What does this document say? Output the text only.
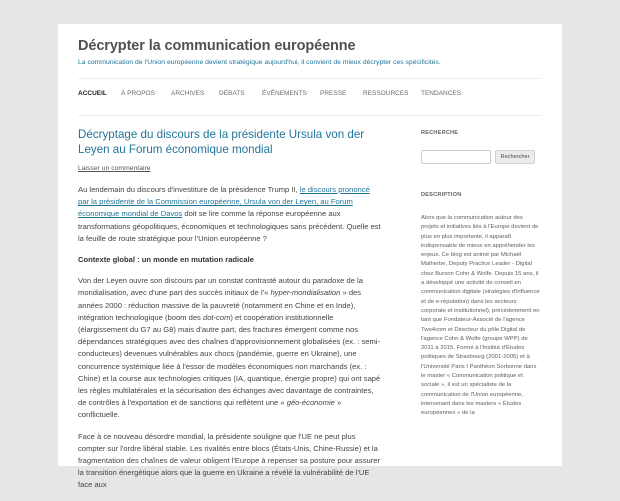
Décrypter la communication européenne
La communication de l'Union européenne devient stratégique aujourd'hui, il convient de mieux décrypter ces spécificités.
ACCUEIL À PROPOS ARCHIVES DÉBATS	ÉVÈNEMENTS PRESSE	RESSOURCES TENDANCES
Décryptage du discours de la présidente Ursula von der Leyen au Forum économique mondial
Laisser un commentaire

Au lendemain du discours d'investiture de la présidence Trump II, le discours prononcé par la présidente de la Commission européenne, Ursula von der Leyen, au Forum économique mondial de Davos doit se lire comme la réponse européenne aux transformations géopolitiques, économiques et technologiques sans précédent. Quelle est la feuille de route stratégique pour l'Union européenne ?

Contexte global : un monde en mutation radicale

Von der Leyen ouvre son discours par un constat contrasté autour du paradoxe de la mondialisation, avec d'une part des succès initiaux de l'« hyper-mondialisation » des années 2000 : réduction massive de la pauvreté (notamment en Chine et en Inde), intégration technologique (boom des dot-com) et coopération institutionnelle (élargissement du G7 au G8) mais d'autre part, des fractures émergent comme nos dépendances stratégiques avec des chaînes d'approvisionnement globalisées (ex. : semi-conducteurs) devenues vulnérables aux chocs (pandémie, guerre en Ukraine), une concurrence systémique liée à l'essor de modèles économiques non marchands (ex. : Chine) et la course aux technologies critiques (IA, quantique, énergie propre) qui ont sapé les règles multilatérales et la sécurisation des échanges avec davantage de contraintes, de contrôles à l'exportation et de sanctions qui reflètent une « géo-économie » conflictuelle.

Face à ce nouveau désordre mondial, la présidente souligne que l'UE ne peut plus compter sur l'ordre libéral stable. Les rivalités entre blocs (États-Unis, Chine-Russie) et la fragmentation des chaînes de valeur obligent l'Europe à repenser sa posture pour assurer la transition énergétique alors que la guerre en Ukraine a révélé la vulnérabilité de l'UE face aux

RECHERCHE
Rechercher
DESCRIPTION
Alors que la communication autour des projets et initiatives liés à l'Europe devient de plus en plus importante, il apparaît indispensable de mieux en appréhender les enjeux. Ce blog est animé par Michaël Malherbe, Deputy Practice Leader - Digital chez Burson Cohn & Wolfe. Depuis 15 ans, il a développé une activité de conseil en communication digitale (stratégies d'influence et de e-réputation) dans les secteurs corporate et institutionnel), précédemment en tant que Fondateur-Associé de l'agence Two4com et Directeur du pôle Digital de l'agence Cohn & Wolfe (groupe WPP) de 2011 à 2015. Formé à l'Institut d'Études politiques de Strasbourg (2001-2005) et à l'Université Paris I Panthéon Sorbonne dans le master « Communication politique et sociale », il est un spécialiste de la communication de l'Union européenne, intervenant dans les masters « Études européennes » de la
